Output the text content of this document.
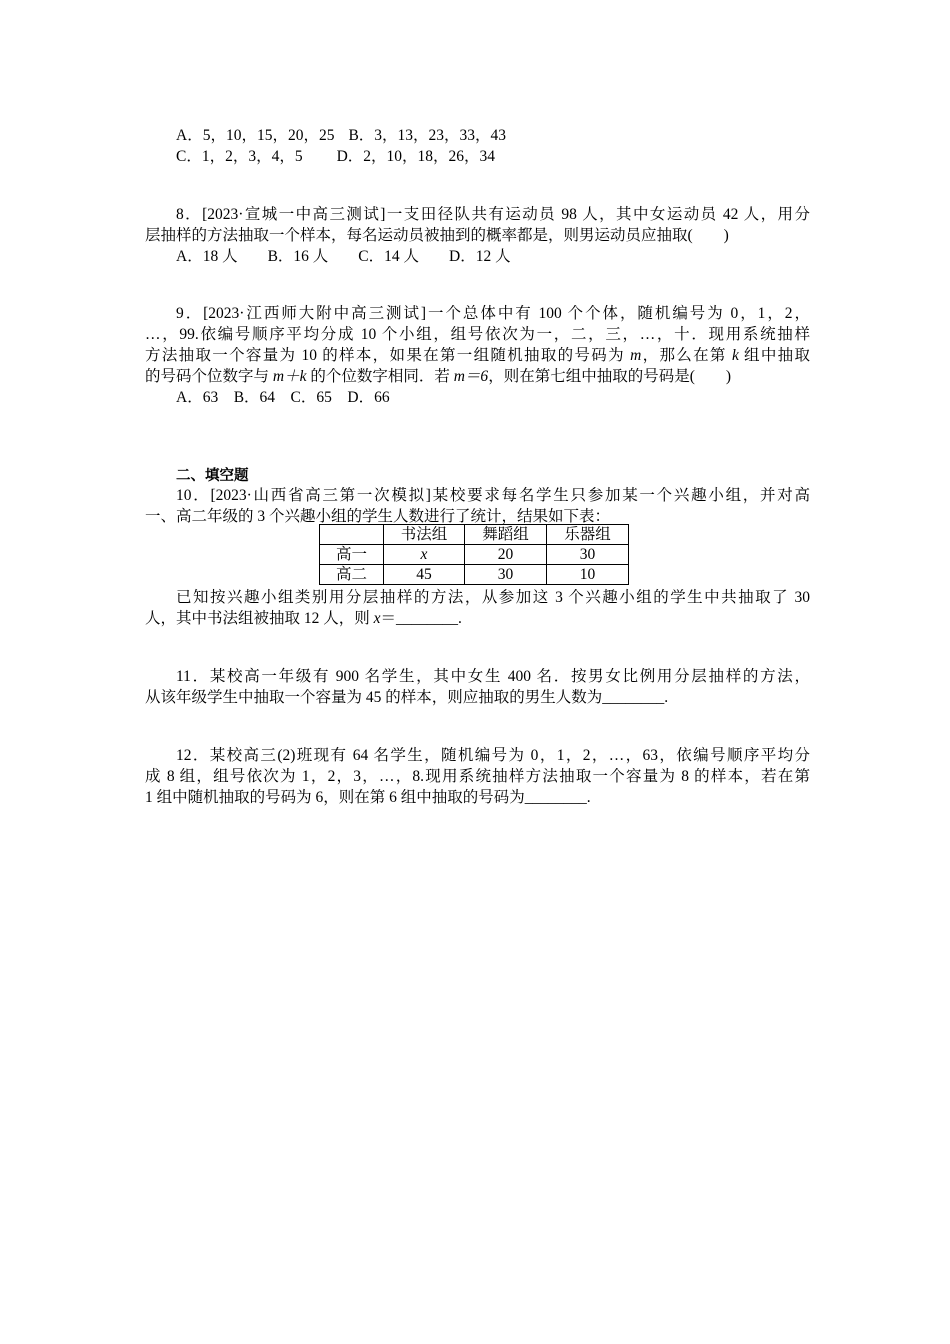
A．5，10，15，20，25 B．3，13，23，33，43
C．1，2，3，4，5 D．2，10，18，26，34
8．[2023·宣城一中高三测试]一支田径队共有运动员 98 人，其中女运动员 42 人，用分
层抽样的方法抽取一个样本，每名运动员被抽到的概率都是，则男运动员应抽取(　　)
A．18 人 B．16 人 C．14 人 D．12 人
9．[2023·江西师大附中高三测试]一个总体中有 100 个个体，随机编号为 0，1，2，
…，99.依编号顺序平均分成 10 个小组，组号依次为一，二，三，…，十．现用系统抽样
方法抽取一个容量为 10 的样本，如果在第一组随机抽取的号码为 m，那么在第 k 组中抽取
的号码个位数字与 m＋k 的个位数字相同．若 m＝6，则在第七组中抽取的号码是(　　)
A．63　B．64　C．65　D．66
二、填空题
10．[2023·山西省高三第一次模拟]某校要求每名学生只参加某一个兴趣小组，并对高
一、高二年级的 3 个兴趣小组的学生人数进行了统计，结果如下表：
	书法组	舞蹈组	乐器组
高一	x	20	30
高二	45	30	10
已知按兴趣小组类别用分层抽样的方法，从参加这 3 个兴趣小组的学生中共抽取了 30
人，其中书法组被抽取 12 人，则 x＝________.
11．某校高一年级有 900 名学生，其中女生 400 名．按男女比例用分层抽样的方法，
从该年级学生中抽取一个容量为 45 的样本，则应抽取的男生人数为________.
12．某校高三(2)班现有 64 名学生，随机编号为 0，1，2，…，63，依编号顺序平均分
成 8 组，组号依次为 1，2，3，…，8.现用系统抽样方法抽取一个容量为 8 的样本，若在第
1 组中随机抽取的号码为 6，则在第 6 组中抽取的号码为________.
